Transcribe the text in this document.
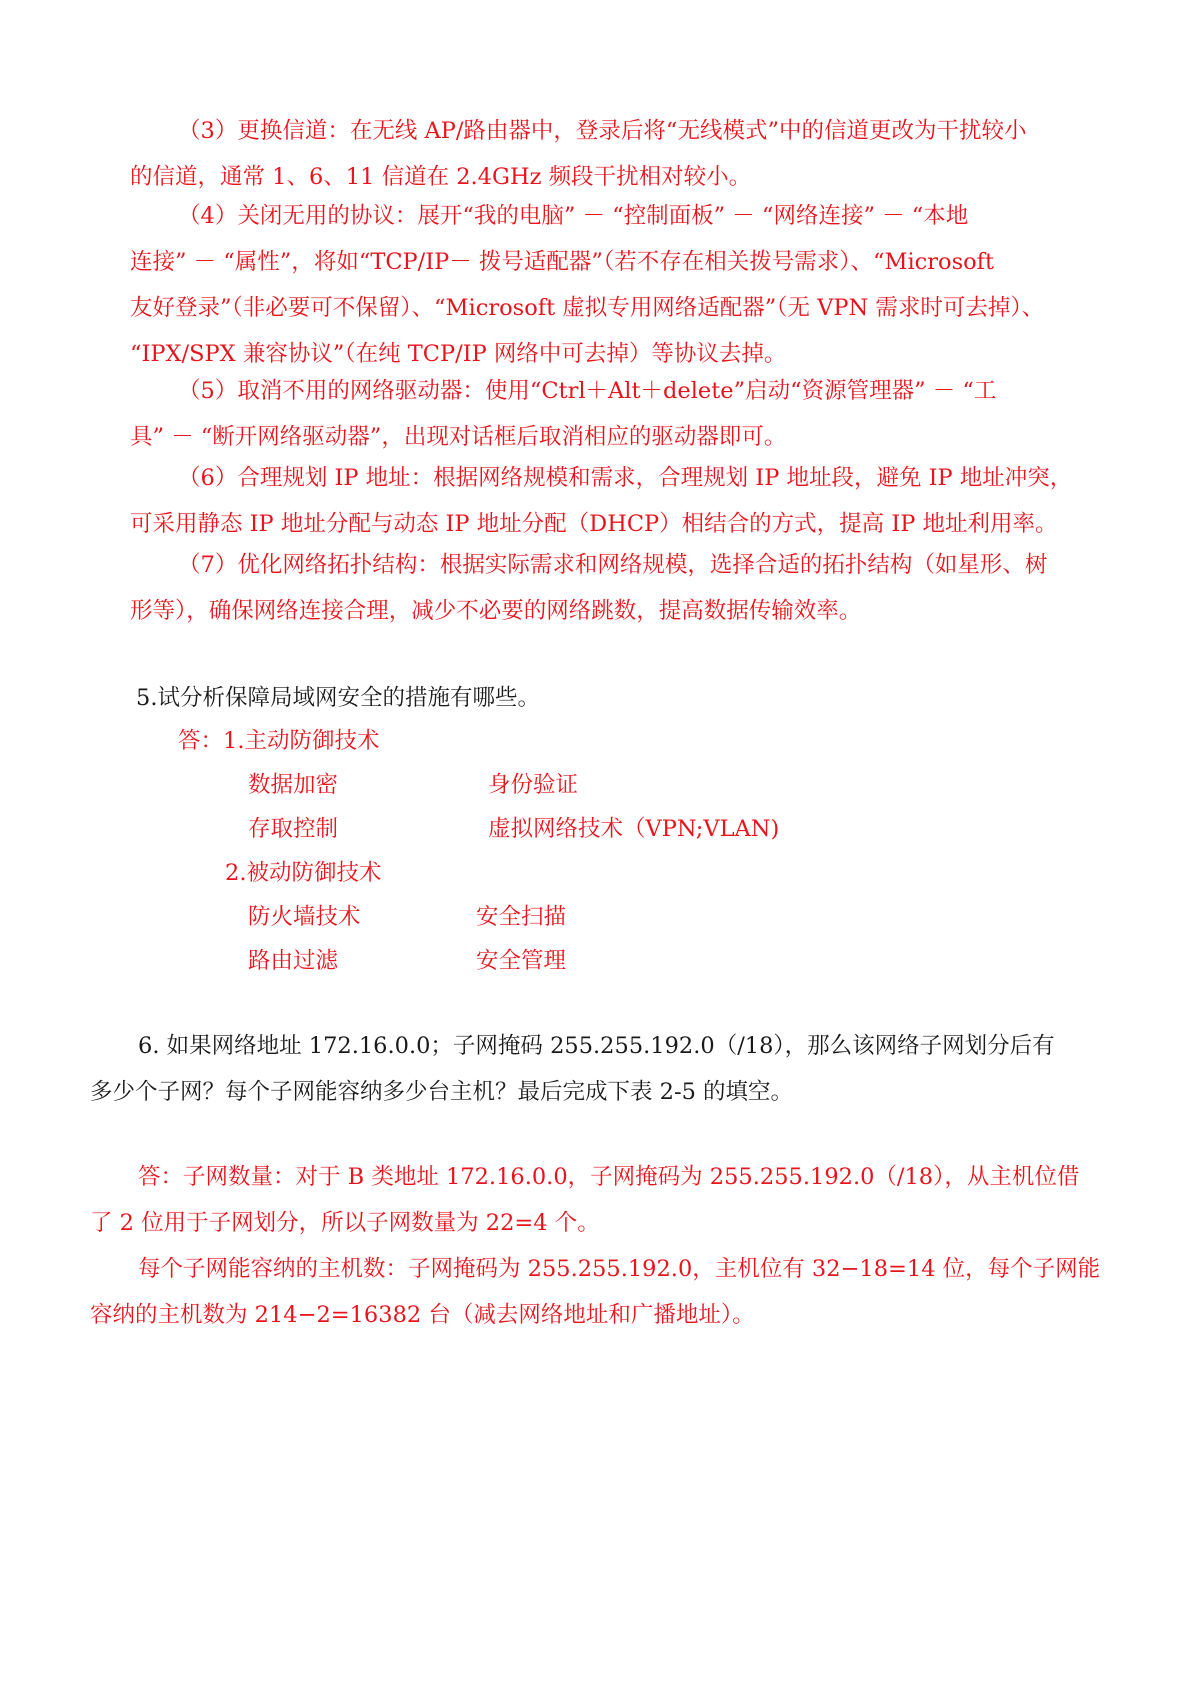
（3）更换信道：在无线 AP/路由器中，登录后将“无线模式”中的信道更改为干扰较小
的信道，通常 1、6、11 信道在 2.4GHz 频段干扰相对较小。
（4）关闭无用的协议：展开“我的电脑” － “控制面板” － “网络连接” － “本地
连接” － “属性”，将如“TCP/IP－ 拨号适配器”（若不存在相关拨号需求）、“Microsoft
友好登录”（非必要可不保留）、“Microsoft 虚拟专用网络适配器”（无 VPN 需求时可去掉）、
“IPX/SPX 兼容协议”（在纯 TCP/IP 网络中可去掉）等协议去掉。
（5）取消不用的网络驱动器：使用“Ctrl＋Alt＋delete”启动“资源管理器” － “工
具” － “断开网络驱动器”，出现对话框后取消相应的驱动器即可。
（6）合理规划 IP 地址：根据网络规模和需求，合理规划 IP 地址段，避免 IP 地址冲突，
可采用静态 IP 地址分配与动态 IP 地址分配（DHCP）相结合的方式，提高 IP 地址利用率。
（7）优化网络拓扑结构：根据实际需求和网络规模，选择合适的拓扑结构（如星形、树
形等），确保网络连接合理，减少不必要的网络跳数，提高数据传输效率。
5.试分析保障局域网安全的措施有哪些。
答：1.主动防御技术
数据加密	身份验证
存取控制	虚拟网络技术（VPN;VLAN)
2.被动防御技术
防火墙技术	安全扫描
路由过滤	安全管理
6. 如果网络地址 172.16.0.0；子网掩码 255.255.192.0（/18），那么该网络子网划分后有
多少个子网？每个子网能容纳多少台主机？最后完成下表 2-5 的填空。
答：子网数量：对于 B 类地址 172.16.0.0，子网掩码为 255.255.192.0（/18），从主机位借
了 2 位用于子网划分，所以子网数量为 22=4 个。
每个子网能容纳的主机数：子网掩码为 255.255.192.0，主机位有 32−18=14 位，每个子网能
容纳的主机数为 214−2=16382 台（减去网络地址和广播地址）。
